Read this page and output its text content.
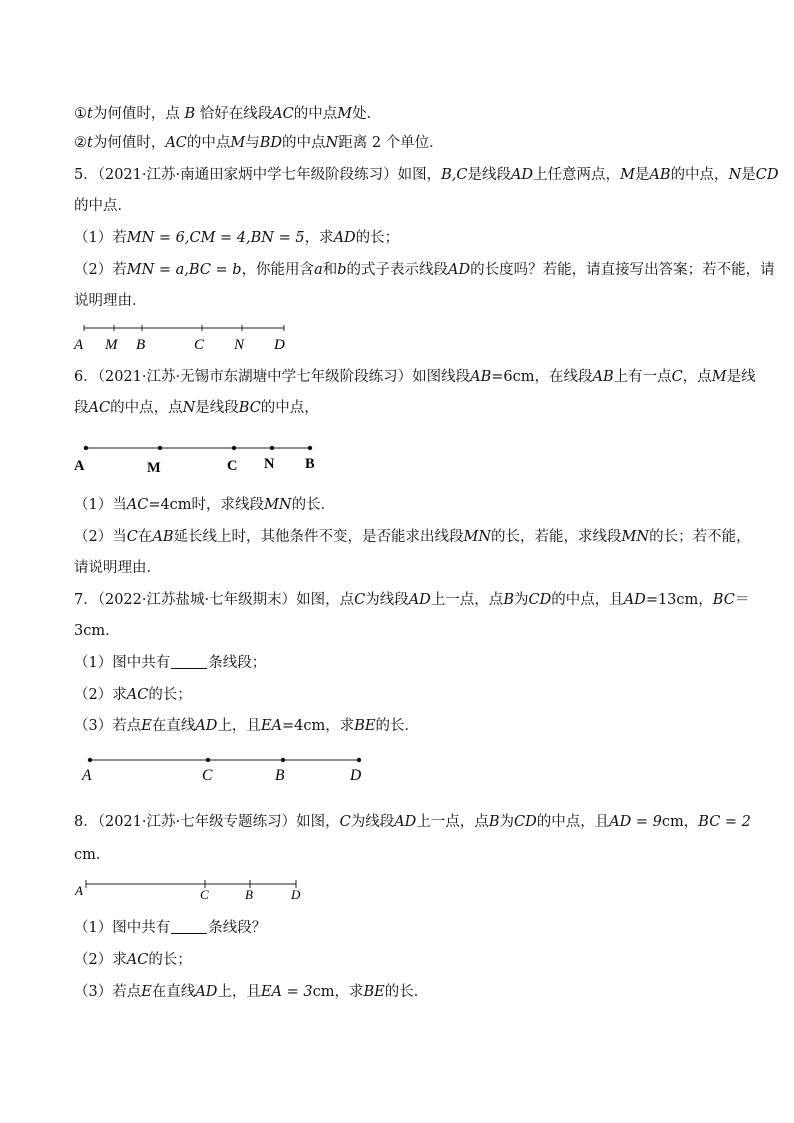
①t为何值时，点 B 恰好在线段AC的中点M处．
②t为何值时，AC的中点M与BD的中点N距离 2 个单位．
5．（2021·江苏·南通田家炳中学七年级阶段练习）如图，B,C是线段AD上任意两点，M是AB的中点，N是CD
的中点．
（1）若MN = 6,CM = 4,BN = 5，求AD的长；
（2）若MN = a,BC = b，你能用含a和b的式子表示线段AD的长度吗？若能，请直接写出答案；若不能，请
说明理由．
A M B	C N D
6．（2021·江苏·无锡市东湖塘中学七年级阶段练习）如图线段AB=6cm，在线段AB上有一点C，点M是线
段AC的中点，点N是线段BC的中点，
A	M	C N B
（1）当AC=4cm时，求线段MN的长．
（2）当C在AB延长线上时，其他条件不变，是否能求出线段MN的长，若能，求线段MN的长；若不能，
请说明理由．
7．（2022·江苏盐城·七年级期末）如图，点C为线段AD上一点，点B为CD的中点，且AD=13cm，BC＝
3cm．
（1）图中共有	条线段；
（2）求AC的长；
（3）若点E在直线AD上，且EA=4cm，求BE的长．
A	C	B	D
8．（2021·江苏·七年级专题练习）如图，C为线段AD上一点，点B为CD的中点，且AD = 9cm，BC = 2
cm．
A	C	B	D
（1）图中共有	条线段？
（2）求AC的长；
（3）若点E在直线AD上，且EA = 3cm，求BE的长．
